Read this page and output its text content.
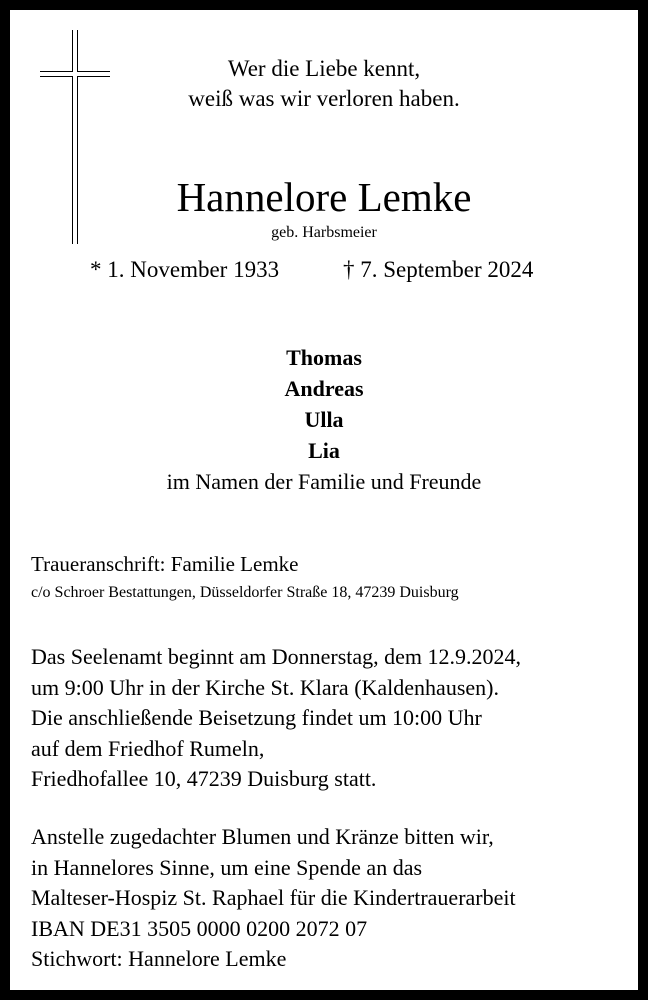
Wer die Liebe kennt,
weiß was wir verloren haben.
Hannelore Lemke
geb. Harbsmeier
* 1. November 1933	† 7. September 2024
Thomas
Andreas
Ulla
Lia
im Namen der Familie und Freunde
Traueranschrift: Familie Lemke
c/o Schroer Bestattungen, Düsseldorfer Straße 18, 47239 Duisburg
Das Seelenamt beginnt am Donnerstag, dem 12.9.2024,
um 9:00 Uhr in der Kirche St. Klara (Kaldenhausen).
Die anschließende Beisetzung findet um 10:00 Uhr
auf dem Friedhof Rumeln,
Friedhofallee 10, 47239 Duisburg statt.
Anstelle zugedachter Blumen und Kränze bitten wir,
in Hannelores Sinne, um eine Spende an das
Malteser-Hospiz St. Raphael für die Kindertrauerarbeit
IBAN DE31 3505 0000 0200 2072 07
Stichwort: Hannelore Lemke
